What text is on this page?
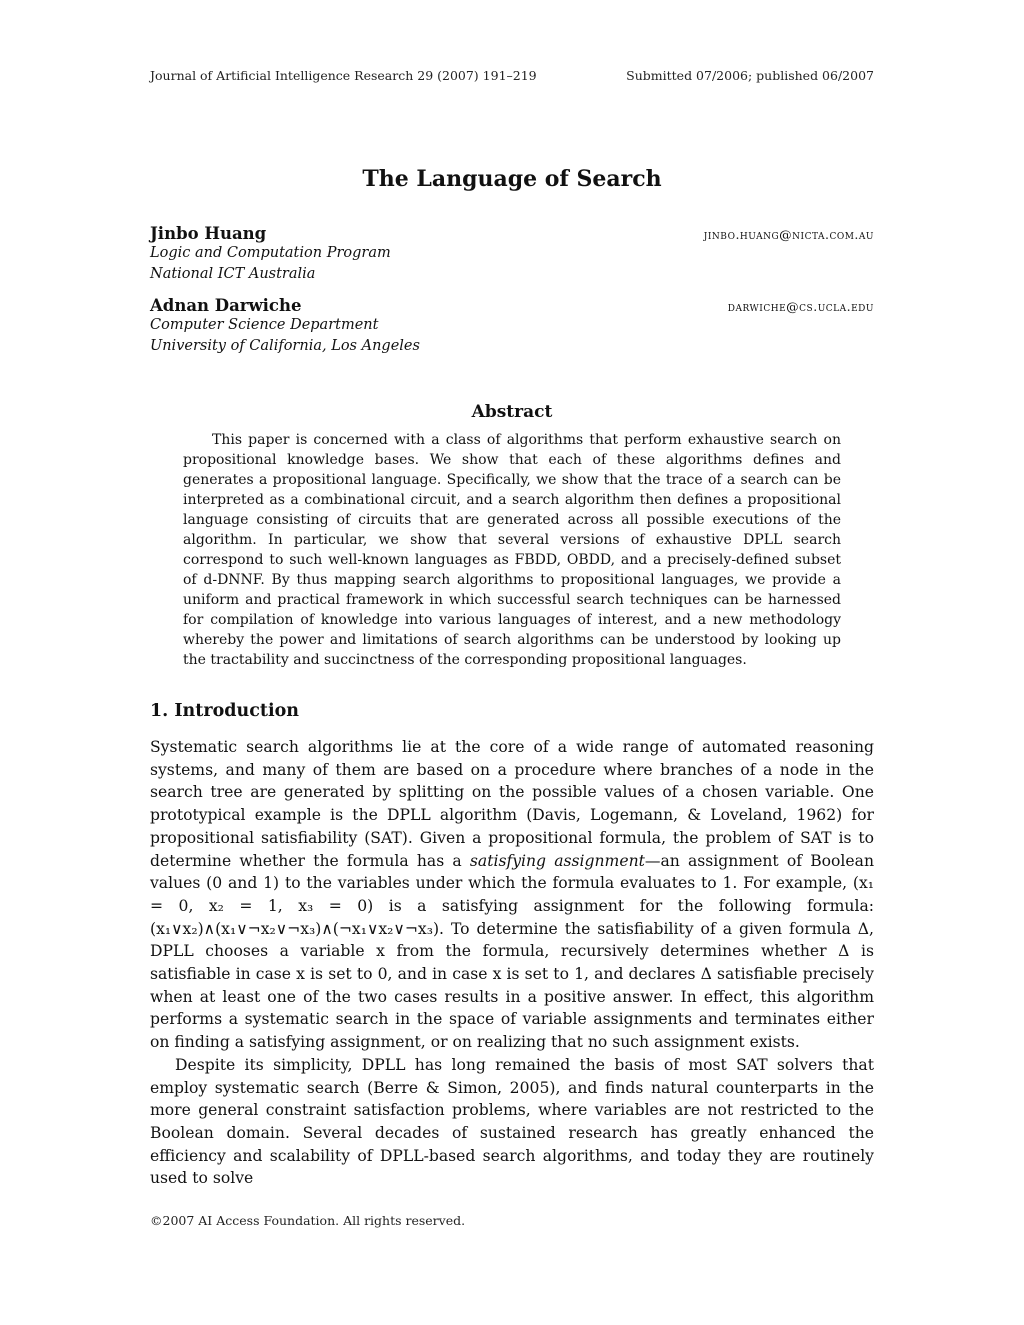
Journal of Artificial Intelligence Research 29 (2007) 191–219	Submitted 07/2006; published 06/2007
The Language of Search
Jinbo Huang	jinbo.huang@nicta.com.au
Logic and Computation Program
National ICT Australia
Adnan Darwiche	darwiche@cs.ucla.edu
Computer Science Department
University of California, Los Angeles
Abstract
This paper is concerned with a class of algorithms that perform exhaustive search on propositional knowledge bases. We show that each of these algorithms defines and generates a propositional language. Specifically, we show that the trace of a search can be interpreted as a combinational circuit, and a search algorithm then defines a propositional language consisting of circuits that are generated across all possible executions of the algorithm. In particular, we show that several versions of exhaustive DPLL search correspond to such well-known languages as FBDD, OBDD, and a precisely-defined subset of d-DNNF. By thus mapping search algorithms to propositional languages, we provide a uniform and practical framework in which successful search techniques can be harnessed for compilation of knowledge into various languages of interest, and a new methodology whereby the power and limitations of search algorithms can be understood by looking up the tractability and succinctness of the corresponding propositional languages.
1. Introduction

Systematic search algorithms lie at the core of a wide range of automated reasoning systems, and many of them are based on a procedure where branches of a node in the search tree are generated by splitting on the possible values of a chosen variable. One prototypical example is the DPLL algorithm (Davis, Logemann, & Loveland, 1962) for propositional satisfiability (SAT). Given a propositional formula, the problem of SAT is to determine whether the formula has a satisfying assignment—an assignment of Boolean values (0 and 1) to the variables under which the formula evaluates to 1. For example, (x₁ = 0, x₂ = 1, x₃ = 0) is a satisfying assignment for the following formula: (x₁∨x₂)∧(x₁∨¬x₂∨¬x₃)∧(¬x₁∨x₂∨¬x₃). To determine the satisfiability of a given formula Δ, DPLL chooses a variable x from the formula, recursively determines whether Δ is satisfiable in case x is set to 0, and in case x is set to 1, and declares Δ satisfiable precisely when at least one of the two cases results in a positive answer. In effect, this algorithm performs a systematic search in the space of variable assignments and terminates either on finding a satisfying assignment, or on realizing that no such assignment exists.

Despite its simplicity, DPLL has long remained the basis of most SAT solvers that employ systematic search (Berre & Simon, 2005), and finds natural counterparts in the more general constraint satisfaction problems, where variables are not restricted to the Boolean domain. Several decades of sustained research has greatly enhanced the efficiency and scalability of DPLL-based search algorithms, and today they are routinely used to solve

©2007 AI Access Foundation. All rights reserved.
